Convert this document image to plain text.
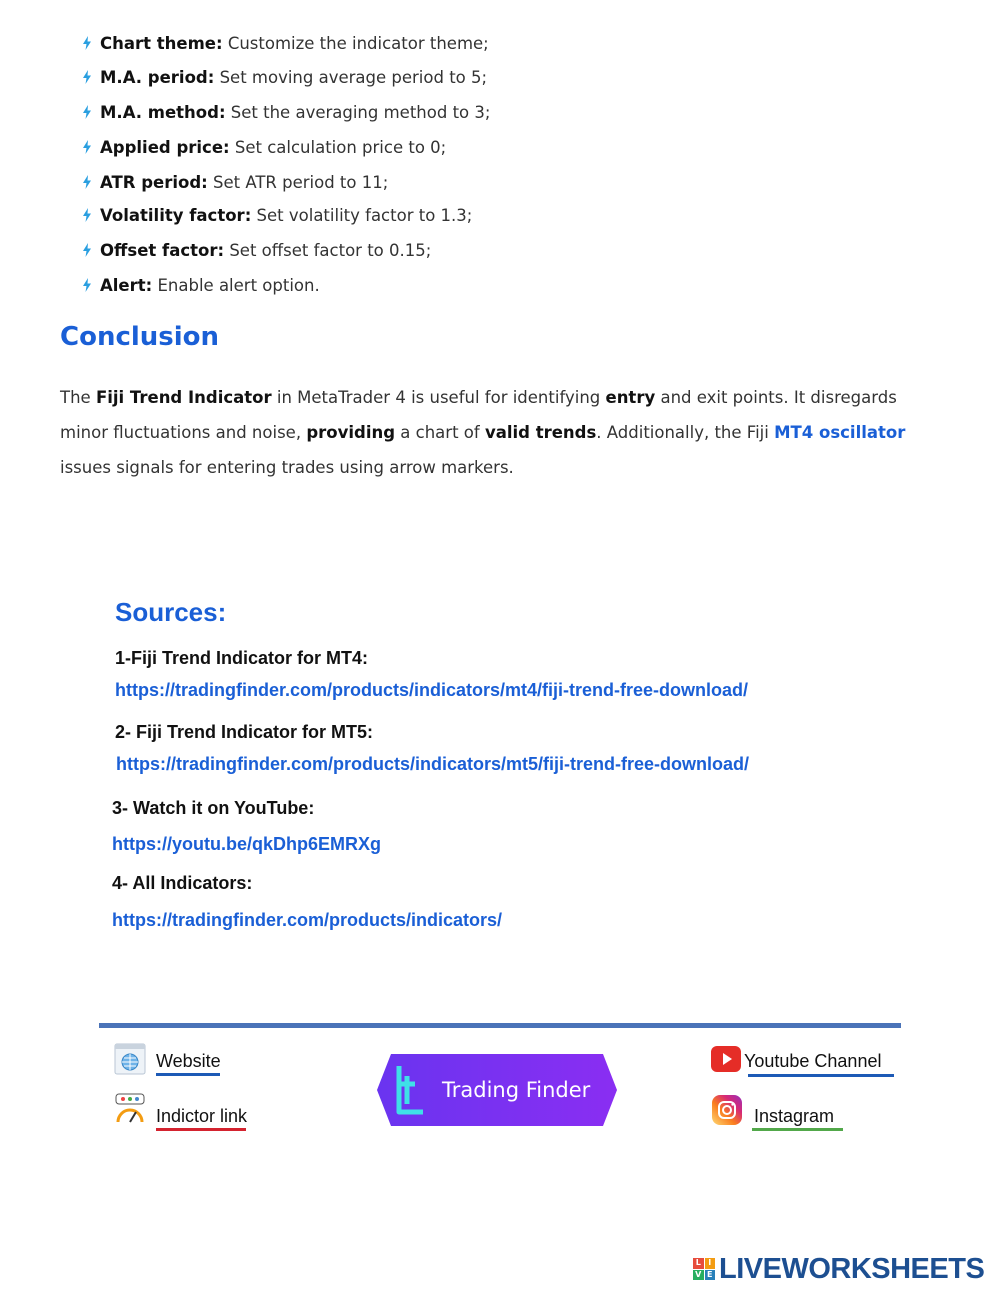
Chart theme: Customize the indicator theme;
M.A. period: Set moving average period to 5;
M.A. method: Set the averaging method to 3;
Applied price: Set calculation price to 0;
ATR period: Set ATR period to 11;
Volatility factor: Set volatility factor to 1.3;
Offset factor: Set offset factor to 0.15;
Alert: Enable alert option.
Conclusion
The Fiji Trend Indicator in MetaTrader 4 is useful for identifying entry and exit points. It disregards
minor fluctuations and noise, providing a chart of valid trends. Additionally, the Fiji MT4 oscillator
issues signals for entering trades using arrow markers.
Sources:
1-Fiji Trend Indicator for MT4:
https://tradingfinder.com/products/indicators/mt4/fiji-trend-free-download/
2- Fiji Trend Indicator for MT5:
https://tradingfinder.com/products/indicators/mt5/fiji-trend-free-download/
3- Watch it on YouTube:
https://youtu.be/qkDhp6EMRXg
4- All Indicators:
https://tradingfinder.com/products/indicators/
Website
Indictor link
Trading Finder
Youtube Channel
Instagram
L I
V E LIVEWORKSHEETS
